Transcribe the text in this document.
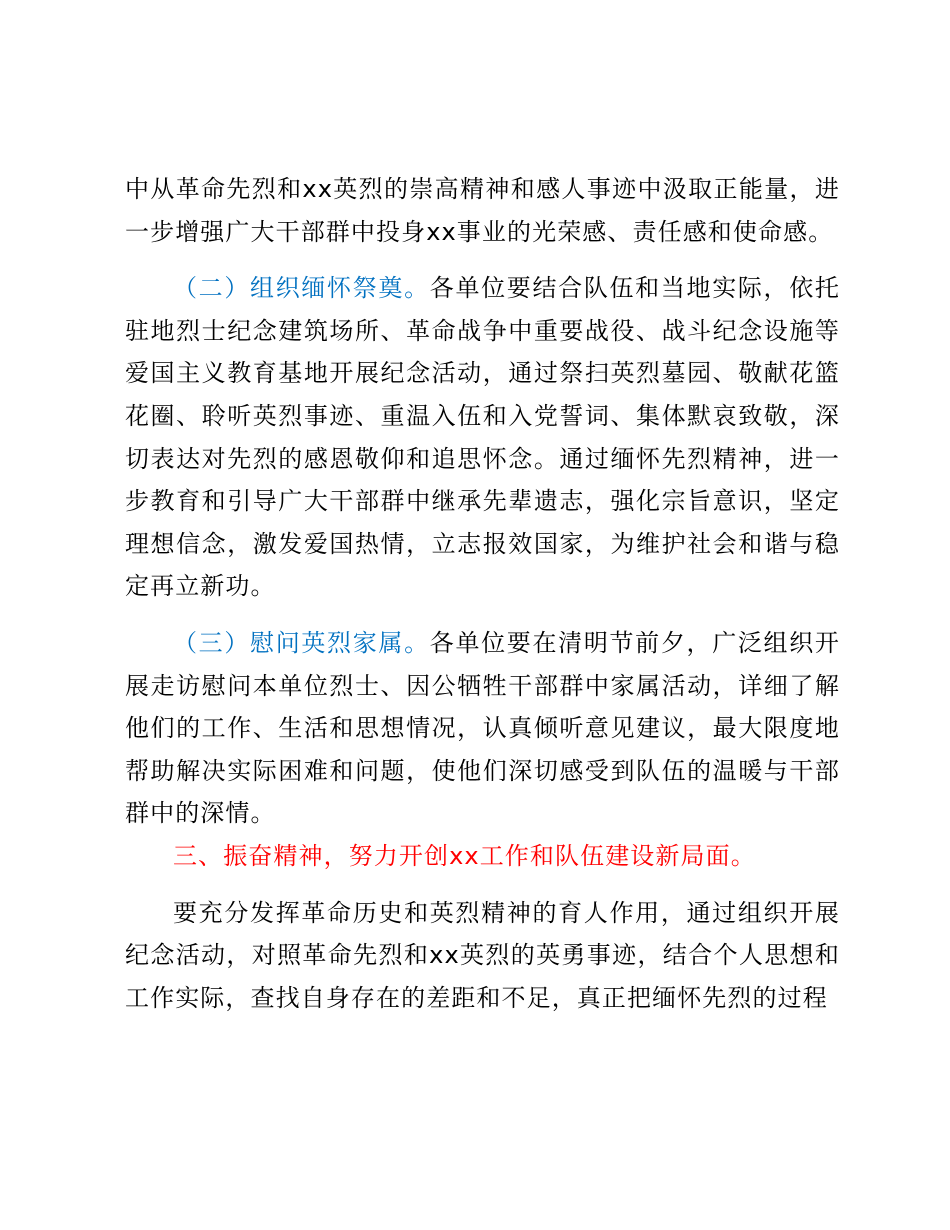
中从革命先烈和xx英烈的崇高精神和感人事迹中汲取正能量，进一步增强广大干部群中投身xx事业的光荣感、责任感和使命感。

（二）组织缅怀祭奠。各单位要结合队伍和当地实际，依托驻地烈士纪念建筑场所、革命战争中重要战役、战斗纪念设施等爱国主义教育基地开展纪念活动，通过祭扫英烈墓园、敬献花篮花圈、聆听英烈事迹、重温入伍和入党誓词、集体默哀致敬，深切表达对先烈的感恩敬仰和追思怀念。通过缅怀先烈精神，进一步教育和引导广大干部群中继承先辈遗志，强化宗旨意识，坚定理想信念，激发爱国热情，立志报效国家，为维护社会和谐与稳定再立新功。

（三）慰问英烈家属。各单位要在清明节前夕，广泛组织开展走访慰问本单位烈士、因公牺牲干部群中家属活动，详细了解他们的工作、生活和思想情况，认真倾听意见建议，最大限度地帮助解决实际困难和问题，使他们深切感受到队伍的温暖与干部群中的深情。

三、振奋精神，努力开创xx工作和队伍建设新局面。

要充分发挥革命历史和英烈精神的育人作用，通过组织开展纪念活动，对照革命先烈和xx英烈的英勇事迹，结合个人思想和工作实际，查找自身存在的差距和不足，真正把缅怀先烈的过程
